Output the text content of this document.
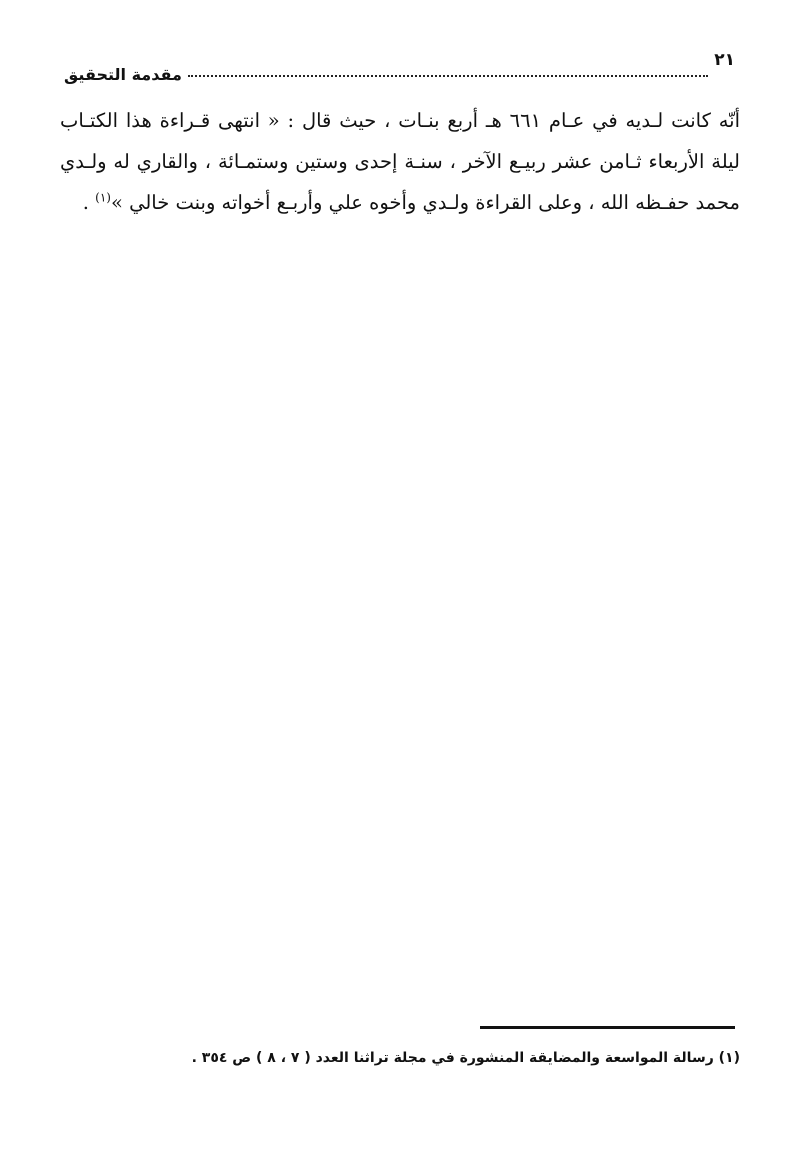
مقدمة التحقيق
٢١

أنّه كانت لـديه في عـام ٦٦١ هـ أربع بنـات ، حيث قال : « انتهى قـراءة هذا الكتـاب ليلة الأربعاء ثـامن عشر ربيـع الآخر ، سنـة إحدى وستين وستمـائة ، والقاري له ولـدي محمد حفـظه الله ، وعلى القراءة ولـدي وأخوه علي وأربـع أخواته وبنت خالي »$^{(١)}$ .

(١) رسالة المواسعة والمضايقة المنشورة في مجلة تراثنا العدد ( ٧ ، ٨ ) ص ٣٥٤ .
